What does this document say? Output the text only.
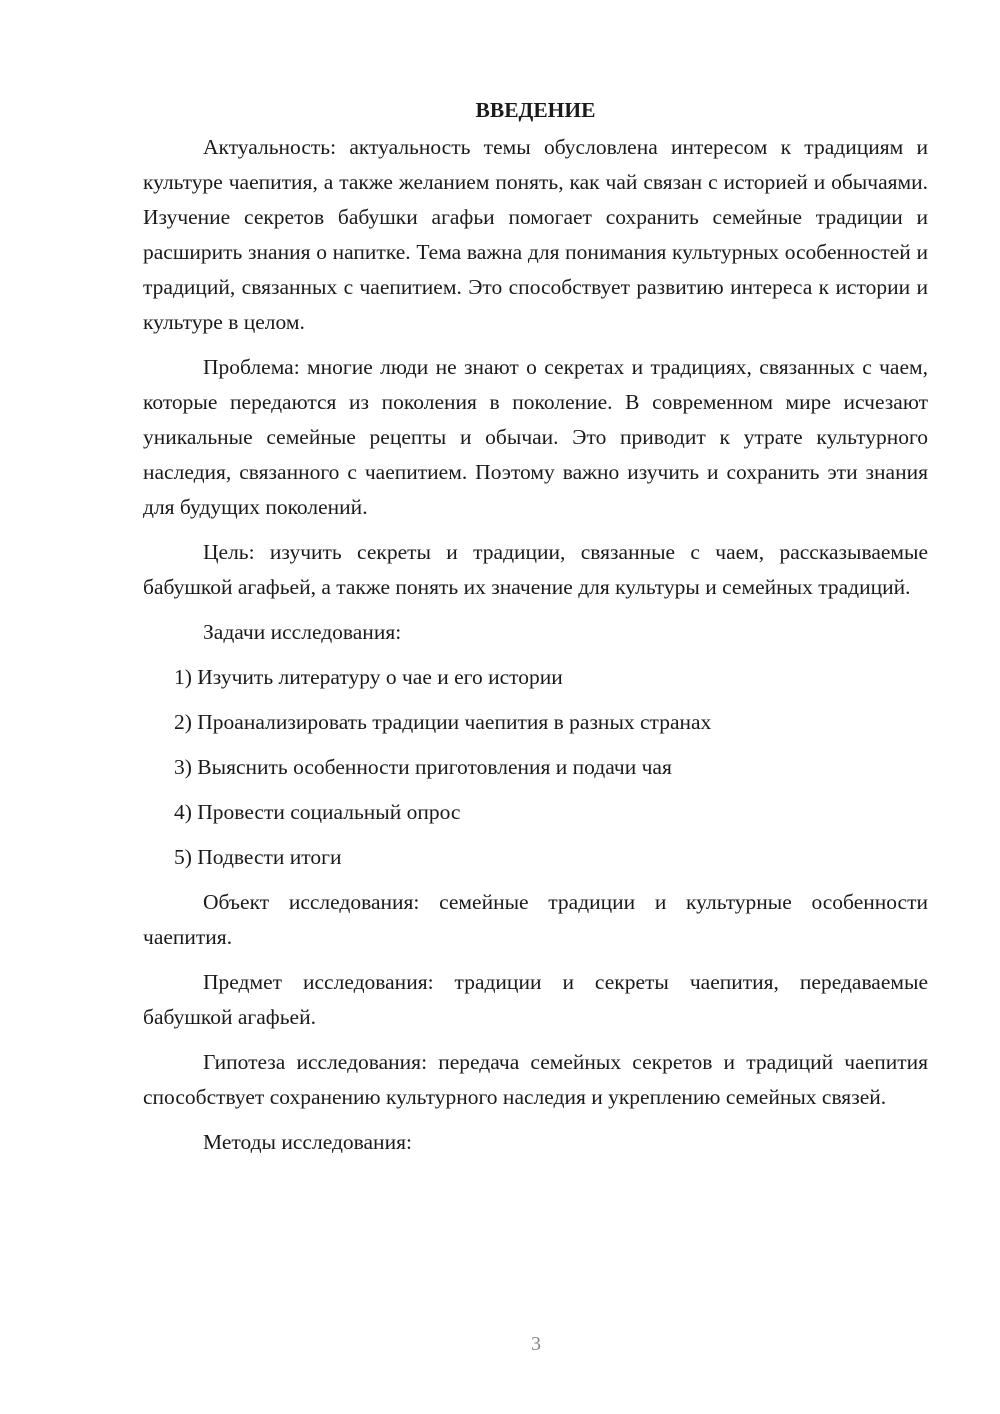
ВВЕДЕНИЕ

Актуальность: актуальность темы обусловлена интересом к традициям и культуре чаепития, а также желанием понять, как чай связан с историей и обычаями. Изучение секретов бабушки агафьи помогает сохранить семейные традиции и расширить знания о напитке. Тема важна для понимания культурных особенностей и традиций, связанных с чаепитием. Это способствует развитию интереса к истории и культуре в целом.

Проблема: многие люди не знают о секретах и традициях, связанных с чаем, которые передаются из поколения в поколение. В современном мире исчезают уникальные семейные рецепты и обычаи. Это приводит к утрате культурного наследия, связанного с чаепитием. Поэтому важно изучить и сохранить эти знания для будущих поколений.

Цель: изучить секреты и традиции, связанные с чаем, рассказываемые бабушкой агафьей, а также понять их значение для культуры и семейных традиций.

Задачи исследования:

1) Изучить литературу о чае и его истории
2) Проанализировать традиции чаепития в разных странах
3) Выяснить особенности приготовления и подачи чая
4) Провести социальный опрос
5) Подвести итоги

Объект исследования: семейные традиции и культурные особенности чаепития.

Предмет исследования: традиции и секреты чаепития, передаваемые бабушкой агафьей.

Гипотеза исследования: передача семейных секретов и традиций чаепития способствует сохранению культурного наследия и укреплению семейных связей.

Методы исследования:

3
